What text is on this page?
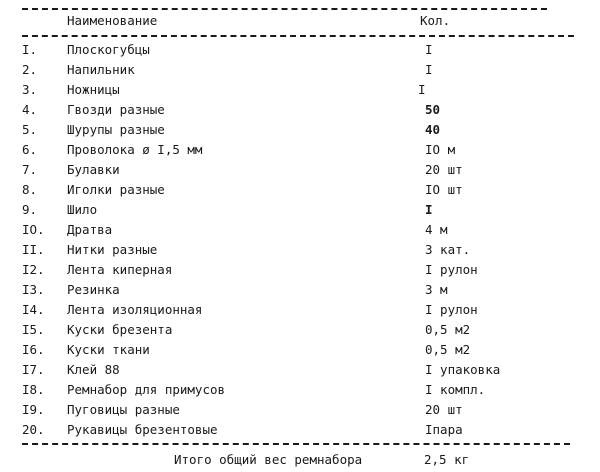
Наименование	Кол.
I. Плоскогубцы	I
2. Напильник	I
3. Ножницы	I
4. Гвозди разные	50
5. Шурупы разные	40
6. Проволока ø I,5 мм	IO м
7. Булавки	20 шт
8. Иголки разные	IO шт
9. Шило	I
IO. Дратва	4 м
II. Нитки разные	3 кат.
I2. Лента киперная	I рулон
I3. Резинка	3 м
I4. Лента изоляционная	I рулон
I5. Куски брезента	0,5 м2
I6. Куски ткани	0,5 м2
I7. Клей 88	I упаковка
I8. Ремнабор для примусов	I компл.
I9. Пуговицы разные	20 шт
20. Рукавицы брезентовые	Iпара
Итого общий вес ремнабора	2,5 кг
